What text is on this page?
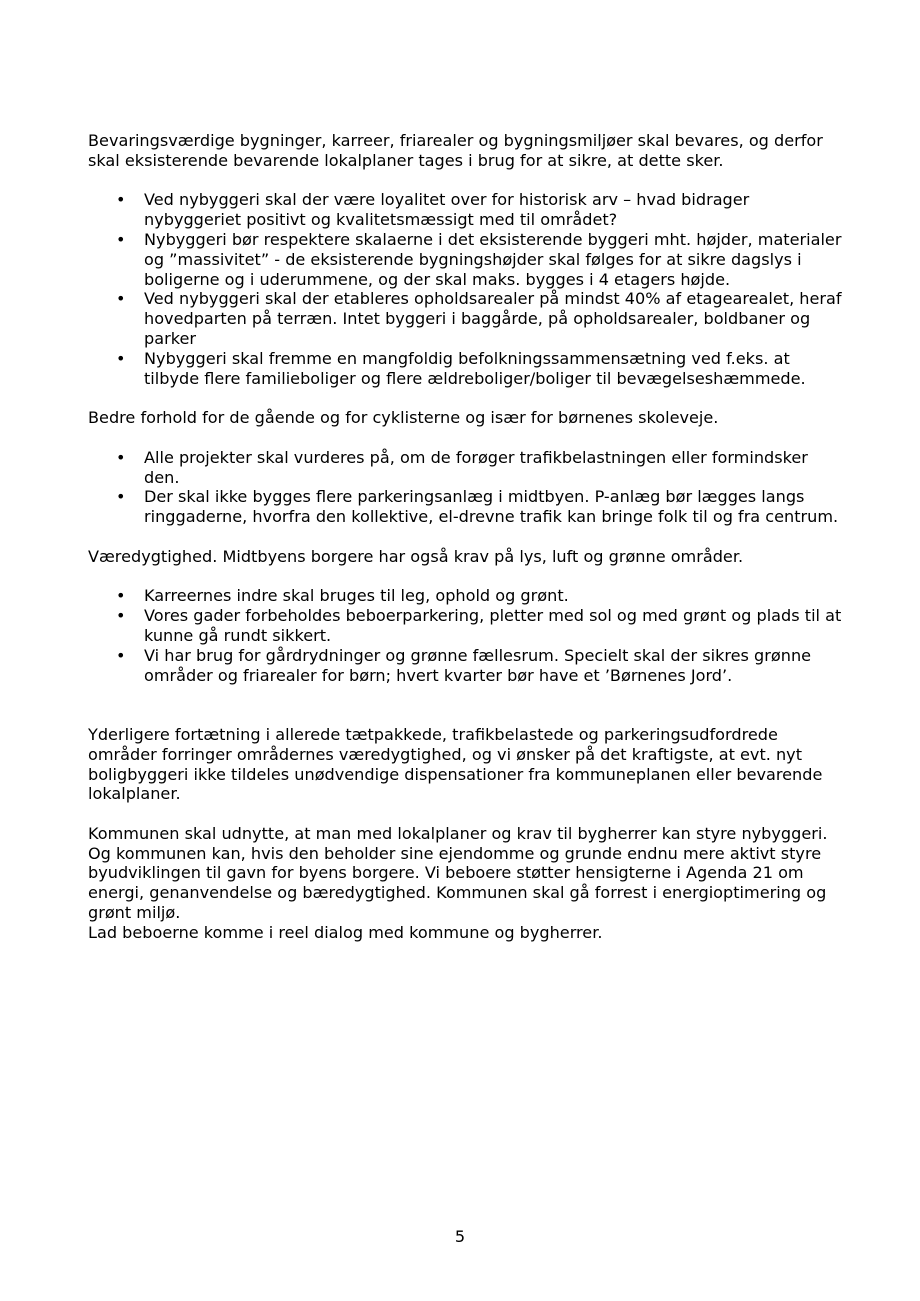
Bevaringsværdige bygninger, karreer, friarealer og bygningsmiljøer skal bevares, og derfor skal eksisterende bevarende lokalplaner tages i brug for at sikre, at dette sker.

• Ved nybyggeri skal der være loyalitet over for historisk arv – hvad bidrager nybyggeriet positivt og kvalitetsmæssigt med til området?
• Nybyggeri bør respektere skalaerne i det eksisterende byggeri mht. højder, materialer og ”massivitet” - de eksisterende bygningshøjder skal følges for at sikre dagslys i boligerne og i uderummene, og der skal maks. bygges i 4 etagers højde.
• Ved nybyggeri skal der etableres opholdsarealer på mindst 40% af etagearealet, heraf hovedparten på terræn. Intet byggeri i baggårde, på opholdsarealer, boldbaner og parker
• Nybyggeri skal fremme en mangfoldig befolkningssammensætning ved f.eks. at tilbyde flere familieboliger og flere ældreboliger/boliger til bevægelseshæmmede.

Bedre forhold for de gående og for cyklisterne og især for børnenes skoleveje.

• Alle projekter skal vurderes på, om de forøger trafikbelastningen eller formindsker den.
• Der skal ikke bygges flere parkeringsanlæg i midtbyen. P-anlæg bør lægges langs ringgaderne, hvorfra den kollektive, el-drevne trafik kan bringe folk til og fra centrum.

Væredygtighed. Midtbyens borgere har også krav på lys, luft og grønne områder.

• Karreernes indre skal bruges til leg, ophold og grønt.
• Vores gader forbeholdes beboerparkering, pletter med sol og med grønt og plads til at kunne gå rundt sikkert.
• Vi har brug for gårdrydninger og grønne fællesrum. Specielt skal der sikres grønne områder og friarealer for børn; hvert kvarter bør have et ’Børnenes Jord’.

Yderligere fortætning i allerede tætpakkede, trafikbelastede og parkeringsudfordrede områder forringer områdernes væredygtighed, og vi ønsker på det kraftigste, at evt. nyt boligbyggeri ikke tildeles unødvendige dispensationer fra kommuneplanen eller bevarende lokalplaner.

Kommunen skal udnytte, at man med lokalplaner og krav til bygherrer kan styre nybyggeri. Og kommunen kan, hvis den beholder sine ejendomme og grunde endnu mere aktivt styre byudviklingen til gavn for byens borgere. Vi beboere støtter hensigterne i Agenda 21 om energi, genanvendelse og bæredygtighed. Kommunen skal gå forrest i energioptimering og grønt miljø.

Lad beboerne komme i reel dialog med kommune og bygherrer.

5
